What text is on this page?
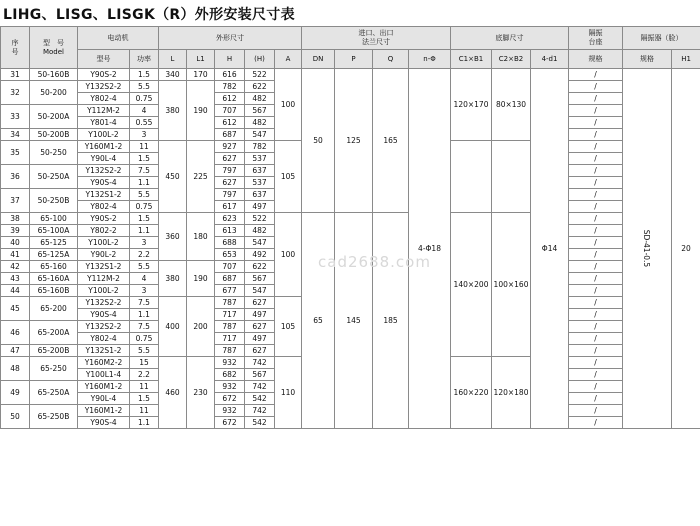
LIHG、LISG、LISGK（R）外形安装尺寸表
序
号	型　号
Model	电动机		外形尺寸					进口、出口
法兰尺寸				底脚尺寸			隔振
台座	隔振器（脸）	
		型号	功率	L	L1	H	(H)	A	DN	P	Q	n-Φ	C1×B1	C2×B2	4-d1	规格	规格	H1
31	50-160B	Y90S-2	1.5	340	170	616	522	100	50	125	165	4-Φ18	120×170	80×130	Φ14	/	SD-41-0.5	20
32	50-200	Y132S2-2	5.5	380	190	782	622									/		
		Y802-4	0.75			612	482									/		
33	50-200A	Y112M-2	4			707	567									/		
		Y801-4	0.55			612	482									/		
34	50-200B	Y100L-2	3			687	547									/		
35	50-250	Y160M1-2	11	450	225	927	782	105								/		
		Y90L-4	1.5			627	537									/		
36	50-250A	Y132S2-2	7.5			797	637									/		
		Y90S-4	1.1			627	537									/		
37	50-250B	Y132S1-2	5.5			797	637									/		
		Y802-4	0.75			617	497									/		
38	65-100	Y90S-2	1.5	360	180	623	522	100	65	145	185		140×200	100×160		/		
39	65-100A	Y802-2	1.1			613	482									/		
40	65-125	Y100L-2	3			688	547									/		
41	65-125A	Y90L-2	2.2			653	492									/		
42	65-160	Y132S1-2	5.5	380	190	707	622									/		
43	65-160A	Y112M-2	4			687	567									/		
44	65-160B	Y100L-2	3			677	547									/		
45	65-200	Y132S2-2	7.5	400	200	787	627	105								/		
		Y90S-4	1.1			717	497									/		
46	65-200A	Y132S2-2	7.5			787	627									/		
		Y802-4	0.75			717	497									/		
47	65-200B	Y132S1-2	5.5			787	627									/		
48	65-250	Y160M2-2	15	460	230	932	742	110					160×220	120×180		/		
		Y100L1-4	2.2			682	567									/		
49	65-250A	Y160M1-2	11			932	742									/		
		Y90L-4	1.5			672	542									/		
50	65-250B	Y160M1-2	11			932	742									/		
		Y90S-4	1.1			672	542									/		
cad2688.com
